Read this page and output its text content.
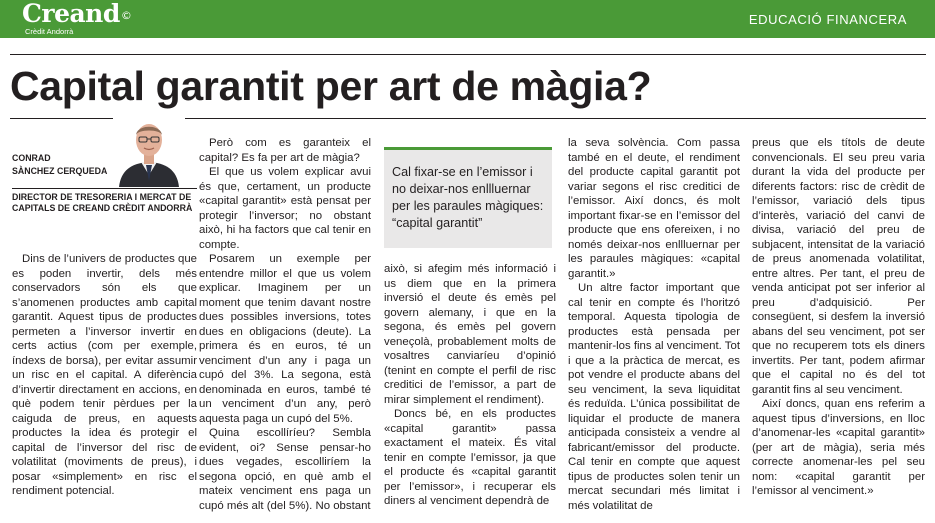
Creand©
Crèdit Andorrà
EDUCACIÓ FINANCERA
Capital garantit per art de màgia?
CONRAD
SÀNCHEZ CERQUEDA
DIRECTOR DE TRESORERIA I MERCAT DE CAPITALS DE CREAND CRÈDIT ANDORRÀ

Dins de l’univers de productes que es poden invertir, dels més conservadors són els que s’anomenen productes amb capital garantit. Aquest tipus de productes permeten a l’inversor invertir en certs actius (com per exemple, índexs de borsa), per evitar assumir un risc en el capital. A diferència d’invertir directament en accions, en què podem tenir pèrdues per la caiguda de preus, en aquests productes la idea és protegir el capital de l’inversor del risc de volatilitat (moviments de preus), i posar «simplement» en risc el rendiment potencial.

Però com es garanteix el capital? Es fa per art de màgia?

El que us volem explicar avui és que, certament, un producte «capital garantit» està pensat per protegir l’inversor; no obstant això, hi ha factors que cal tenir en compte.

Posarem un exemple per entendre millor el que us volem explicar. Imaginem per un moment que tenim davant nostre dues possibles inversions, totes dues en obligacions (deute). La primera és en euros, té un venciment d’un any i paga un cupó del 3%. La segona, està denominada en euros, també té un venciment d’un any, però aquesta paga un cupó del 5%.

Quina escollíríeu? Sembla evident, oi? Sense pensar-ho dues vegades, escolliríem la segona opció, en què amb el mateix venciment ens paga un cupó més alt (del 5%). No obstant

Cal fixar-se en l’emissor i no deixar-nos enllluernar per les paraules màgiques: “capital garantit”

això, si afegim més informació i us diem que en la primera inversió el deute és emès pel govern alemany, i que en la segona, és emès pel govern veneçolà, probablement molts de vosaltres canviaríeu d’opinió (tenint en compte el perfil de risc creditici de l’emissor, a part de mirar simplement el rendiment).

Doncs bé, en els productes «capital garantit» passa exactament el mateix. És vital tenir en compte l’emissor, ja que el producte és «capital garantit per l’emissor», i recuperar els diners al venciment dependrà de

la seva solvència. Com passa també en el deute, el rendiment del producte capital garantit pot variar segons el risc creditici de l’emissor. Així doncs, és molt important fixar-se en l’emissor del producte que ens ofereixen, i no només deixar-nos enllluernar per les paraules màgiques: «capital garantit.»

Un altre factor important que cal tenir en compte és l’horitzó temporal. Aquesta tipologia de productes està pensada per mantenir-los fins al venciment. Tot i que a la pràctica de mercat, es pot vendre el producte abans del seu venciment, la seva liquiditat és reduïda. L’única possibilitat de liquidar el producte de manera anticipada consisteix a vendre al fabricant/emissor del producte. Cal tenir en compte que aquest tipus de productes solen tenir un mercat secundari més limitat i més volatilitat de

preus que els títols de deute convencionals. El seu preu varia durant la vida del producte per diferents factors: risc de crèdit de l’emissor, variació dels tipus d’interès, variació del canvi de divisa, variació del preu de subjacent, intensitat de la variació de preus anomenada volatilitat, entre altres. Per tant, el preu de venda anticipat pot ser inferior al preu d’adquisició. Per consegüent, si desfem la inversió abans del seu venciment, pot ser que no recuperem tots els diners invertits. Per tant, podem afirmar que el capital no és del tot garantit fins al seu venciment.

Així doncs, quan ens referim a aquest tipus d’inversions, en lloc d’anomenar-les «capital garantit» (per art de màgia), seria més correcte anomenar-les pel seu nom: «capital garantit per l’emissor al venciment.»
